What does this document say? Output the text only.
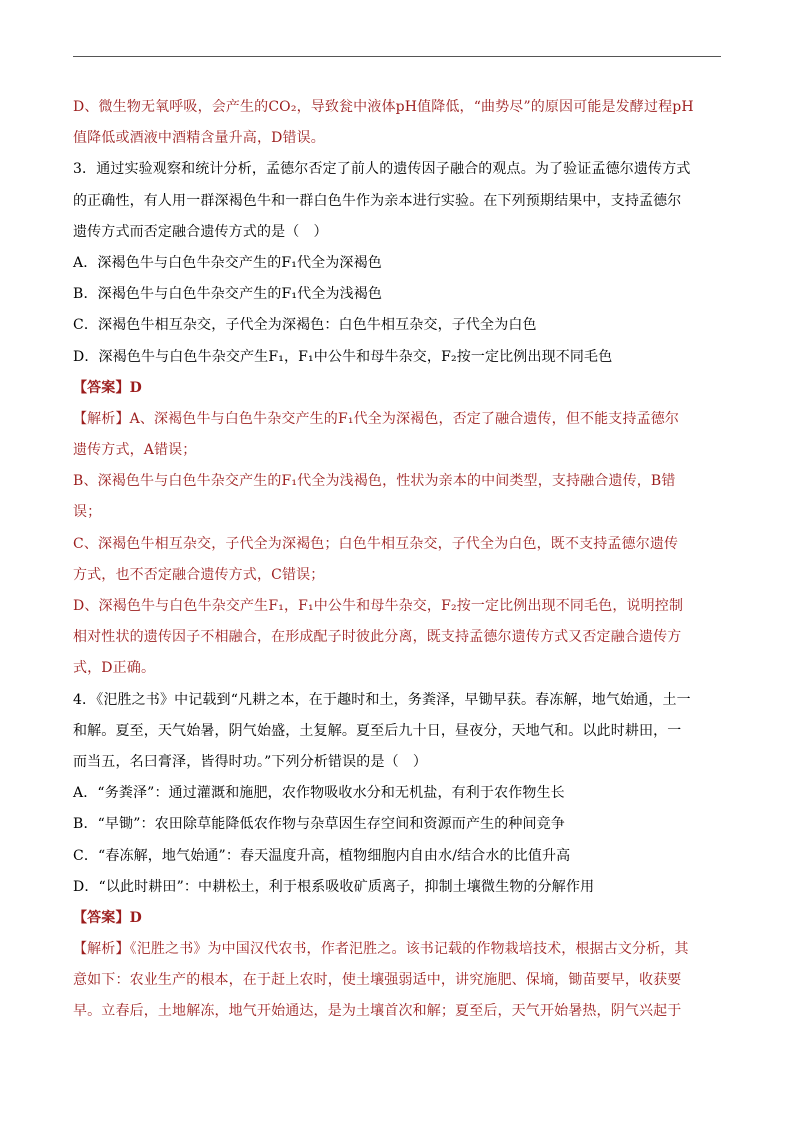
D、微生物无氧呼吸，会产生的CO₂，导致瓮中液体pH值降低，“曲势尽”的原因可能是发酵过程pH
值降低或酒液中酒精含量升高，D错误。
3．通过实验观察和统计分析，孟德尔否定了前人的遗传因子融合的观点。为了验证孟德尔遗传方式
的正确性，有人用一群深褐色牛和一群白色牛作为亲本进行实验。在下列预期结果中，支持孟德尔
遗传方式而否定融合遗传方式的是（　）
A．深褐色牛与白色牛杂交产生的F₁代全为深褐色
B．深褐色牛与白色牛杂交产生的F₁代全为浅褐色
C．深褐色牛相互杂交，子代全为深褐色：白色牛相互杂交，子代全为白色
D．深褐色牛与白色牛杂交产生F₁，F₁中公牛和母牛杂交，F₂按一定比例出现不同毛色
【答案】D
【解析】A、深褐色牛与白色牛杂交产生的F₁代全为深褐色，否定了融合遗传，但不能支持孟德尔
遗传方式，A错误；
B、深褐色牛与白色牛杂交产生的F₁代全为浅褐色，性状为亲本的中间类型，支持融合遗传，B错
误；
C、深褐色牛相互杂交，子代全为深褐色；白色牛相互杂交，子代全为白色，既不支持孟德尔遗传
方式，也不否定融合遗传方式，C错误；
D、深褐色牛与白色牛杂交产生F₁，F₁中公牛和母牛杂交，F₂按一定比例出现不同毛色，说明控制
相对性状的遗传因子不相融合，在形成配子时彼此分离，既支持孟德尔遗传方式又否定融合遗传方
式，D正确。
4．《汜胜之书》中记载到“凡耕之本，在于趣时和土，务粪泽，早锄早获。春冻解，地气始通，土一
和解。夏至，天气始暑，阴气始盛，土复解。夏至后九十日，昼夜分，天地气和。以此时耕田，一
而当五，名曰膏泽，皆得时功。”下列分析错误的是（　）
A．“务粪泽”：通过灌溉和施肥，农作物吸收水分和无机盐，有利于农作物生长
B．“早锄”：农田除草能降低农作物与杂草因生存空间和资源而产生的种间竞争
C．“春冻解，地气始通”：春天温度升高，植物细胞内自由水/结合水的比值升高
D．“以此时耕田”：中耕松土，利于根系吸收矿质离子，抑制土壤微生物的分解作用
【答案】D
【解析】《汜胜之书》为中国汉代农书，作者汜胜之。该书记载的作物栽培技术，根据古文分析，其
意如下：农业生产的根本，在于赶上农时，使土壤强弱适中，讲究施肥、保墒，锄苗要早，收获要
早。立春后，土地解冻，地气开始通达，是为土壤首次和解；夏至后，天气开始暑热，阴气兴起于
